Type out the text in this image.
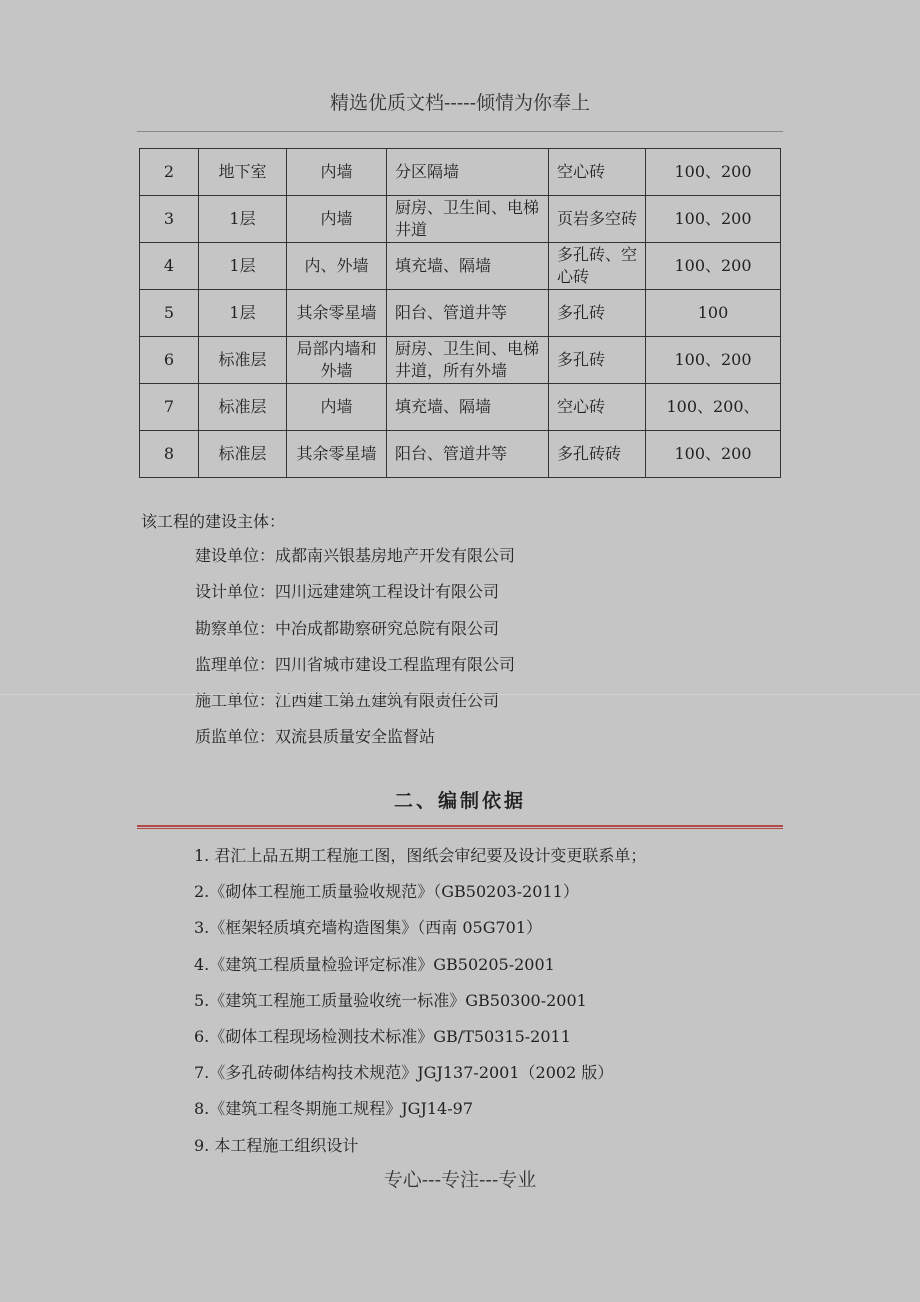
精选优质文档-----倾情为你奉上
2	地下室	内墙	分区隔墙	空心砖	100、200
3	1层	内墙	厨房、卫生间、电梯井道	页岩多空砖	100、200
4	1层	内、外墙	填充墙、隔墙	多孔砖、空心砖	100、200
5	1层	其余零星墙	阳台、管道井等	多孔砖	100
6	标准层	局部内墙和外墙	厨房、卫生间、电梯井道，所有外墙	多孔砖	100、200
7	标准层	内墙	填充墙、隔墙	空心砖	100、200、
8	标准层	其余零星墙	阳台、管道井等	多孔砖砖	100、200
该工程的建设主体：
建设单位：成都南兴银基房地产开发有限公司
设计单位：四川远建建筑工程设计有限公司
勘察单位：中冶成都勘察研究总院有限公司
监理单位：四川省城市建设工程监理有限公司
施工单位：江西建工第五建筑有限责任公司
质监单位：双流县质量安全监督站
二、编制依据
1. 君汇上品五期工程施工图，图纸会审纪要及设计变更联系单；
2.《砌体工程施工质量验收规范》（GB50203-2011）
3.《框架轻质填充墙构造图集》（西南 05G701）
4.《建筑工程质量检验评定标准》GB50205-2001
5.《建筑工程施工质量验收统一标准》GB50300-2001
6.《砌体工程现场检测技术标准》GB/T50315-2011
7.《多孔砖砌体结构技术规范》JGJ137-2001（2002 版）
8.《建筑工程冬期施工规程》JGJ14-97
9. 本工程施工组织设计
专心---专注---专业
